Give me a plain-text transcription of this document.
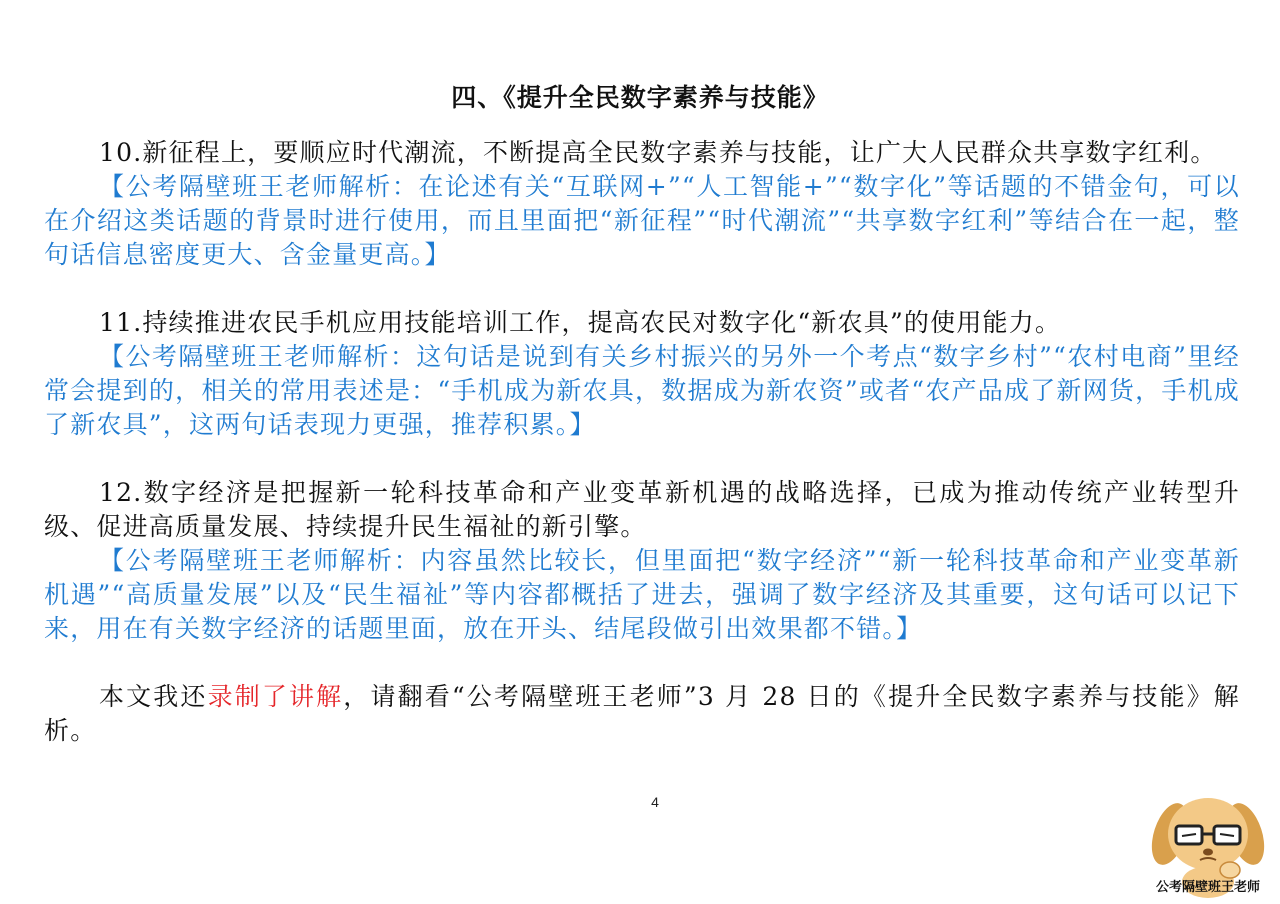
四、《提升全民数字素养与技能》

10.新征程上，要顺应时代潮流，不断提高全民数字素养与技能，让广大人民群众共享数字红利。

【公考隔壁班王老师解析：在论述有关“互联网+”“人工智能+”“数字化”等话题的不错金句，可以在介绍这类话题的背景时进行使用，而且里面把“新征程”“时代潮流”“共享数字红利”等结合在一起，整句话信息密度更大、含金量更高。】

11.持续推进农民手机应用技能培训工作，提高农民对数字化“新农具”的使用能力。

【公考隔壁班王老师解析：这句话是说到有关乡村振兴的另外一个考点“数字乡村”“农村电商”里经常会提到的，相关的常用表述是：“手机成为新农具，数据成为新农资”或者“农产品成了新网货，手机成了新农具”，这两句话表现力更强，推荐积累。】

12.数字经济是把握新一轮科技革命和产业变革新机遇的战略选择，已成为推动传统产业转型升级、促进高质量发展、持续提升民生福祉的新引擎。

【公考隔壁班王老师解析：内容虽然比较长，但里面把“数字经济”“新一轮科技革命和产业变革新机遇”“高质量发展”以及“民生福祉”等内容都概括了进去，强调了数字经济及其重要，这句话可以记下来，用在有关数字经济的话题里面，放在开头、结尾段做引出效果都不错。】

本文我还录制了讲解，请翻看“公考隔壁班王老师”3 月 28 日的《提升全民数字素养与技能》解析。

4
公考隔壁班王老师
